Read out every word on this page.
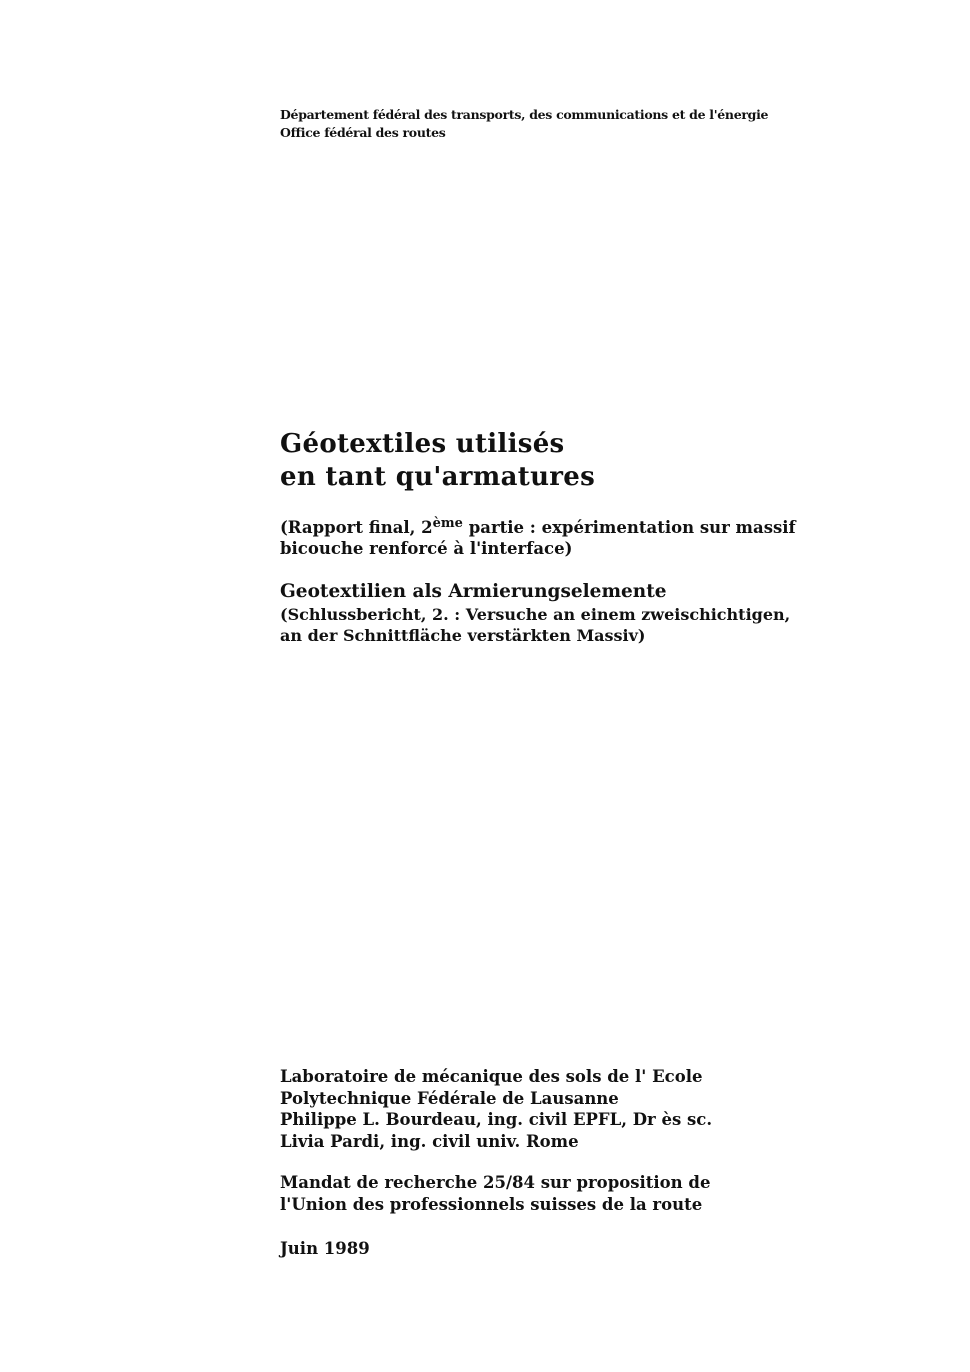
Département fédéral des transports, des communications et de l'énergie
Office fédéral des routes
Géotextiles utilisés
en tant qu'armatures
(Rapport final, 2ème partie : expérimentation sur massif
bicouche renforcé à l'interface)
Geotextilien als Armierungselemente
(Schlussbericht, 2. : Versuche an einem zweischichtigen,
an der Schnittfläche verstärkten Massiv)
Laboratoire de mécanique des sols de l' Ecole
Polytechnique Fédérale de Lausanne
Philippe L. Bourdeau, ing. civil EPFL, Dr ès sc.
Livia Pardi, ing. civil univ. Rome
Mandat de recherche 25/84 sur proposition de
l'Union des professionnels suisses de la route
Juin 1989
